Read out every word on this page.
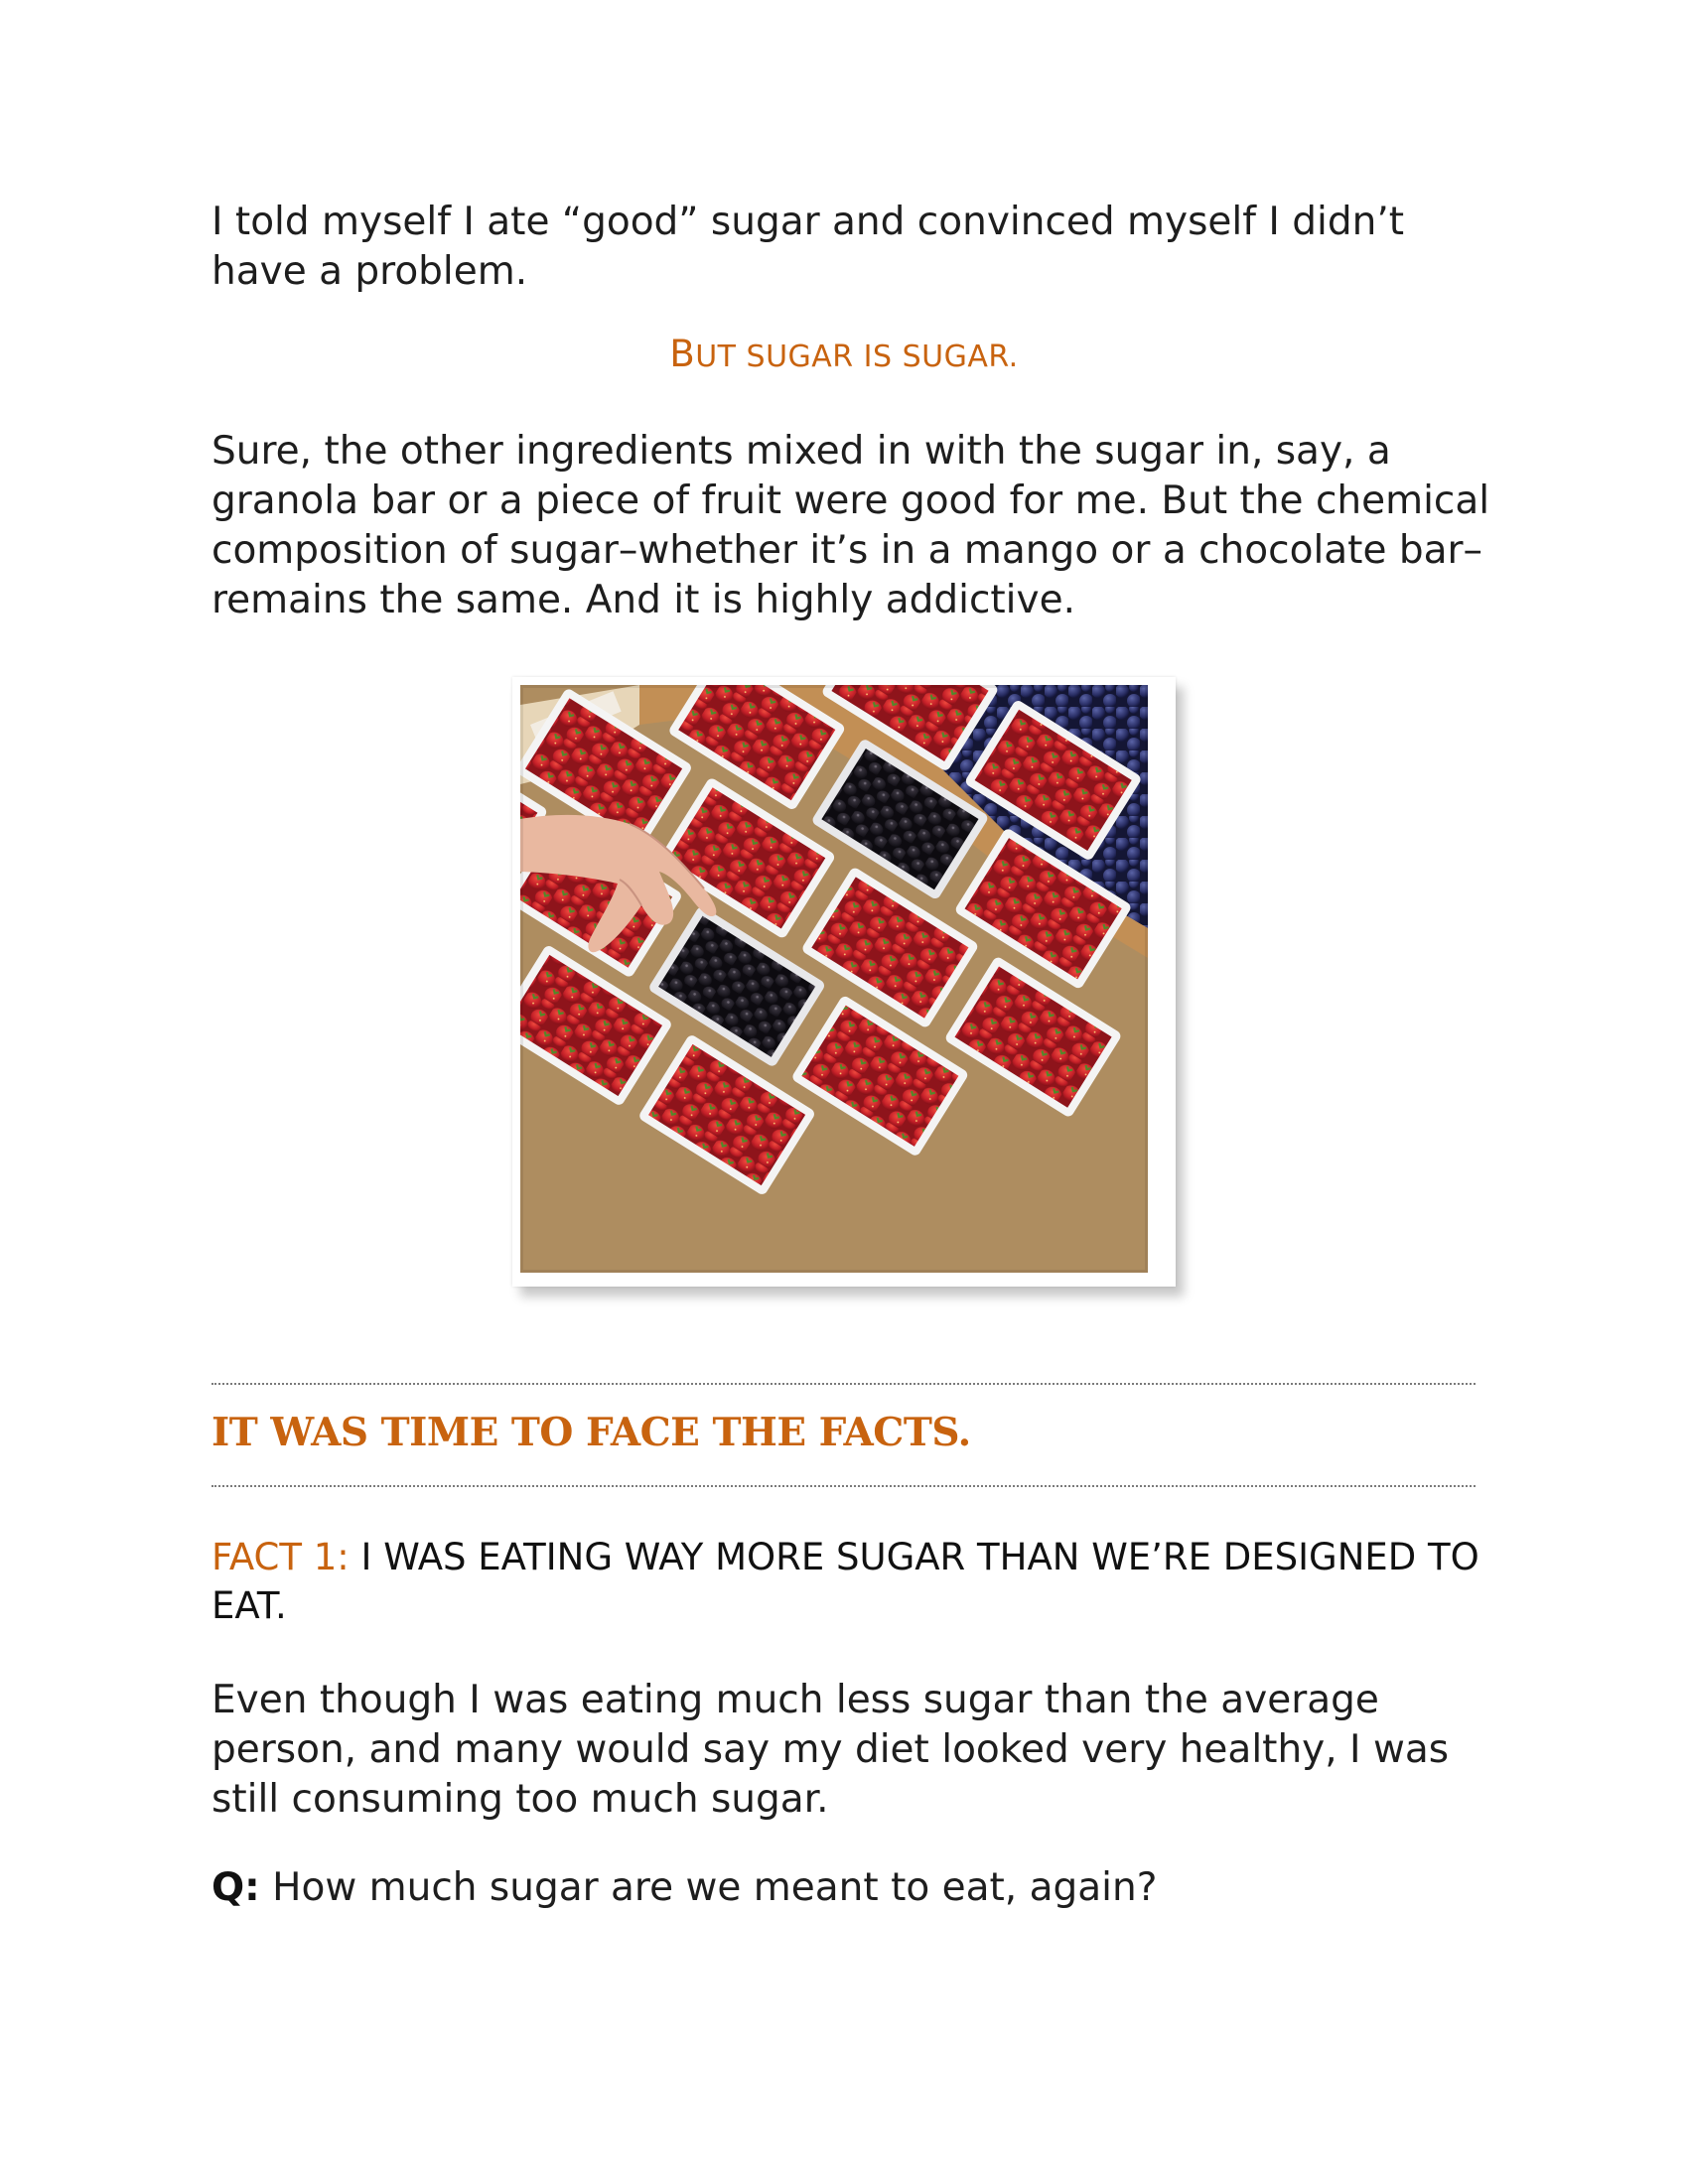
I told myself I ate “good” sugar and convinced myself I didn’t have a problem.

BUT SUGAR IS SUGAR.

Sure, the other ingredients mixed in with the sugar in, say, a granola bar or a piece of fruit were good for me. But the chemical composition of sugar–whether it’s in a mango or a chocolate bar–remains the same. And it is highly addictive.

IT WAS TIME TO FACE THE FACTS.
FACT 1: I WAS EATING WAY MORE SUGAR THAN WE’RE DESIGNED TO EAT.

Even though I was eating much less sugar than the average person, and many would say my diet looked very healthy, I was still consuming too much sugar.

Q: How much sugar are we meant to eat, again?
